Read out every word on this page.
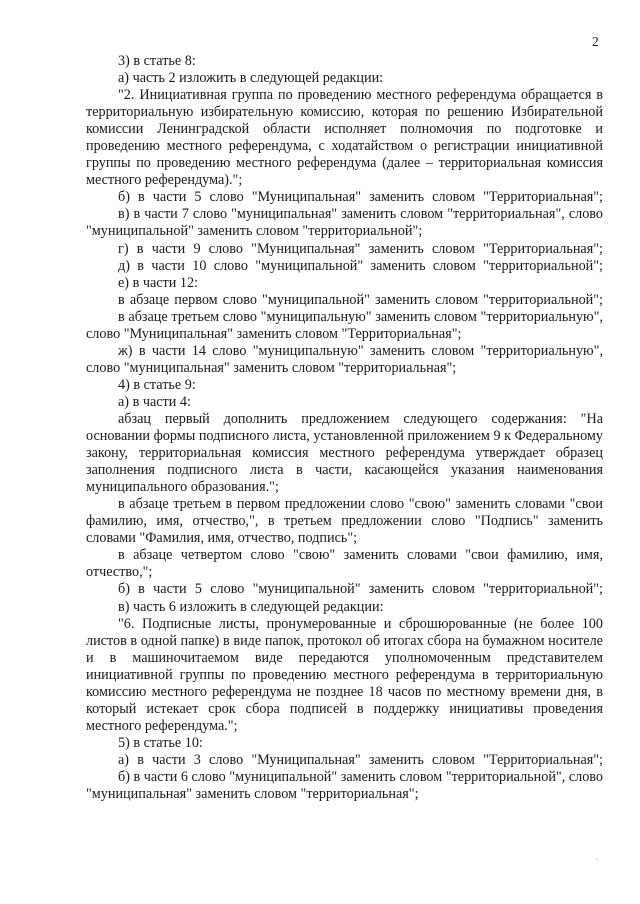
2

3) в статье 8:

а) часть 2 изложить в следующей редакции:

"2. Инициативная группа по проведению местного референдума обращается в территориальную избирательную комиссию, которая по решению Избирательной комиссии Ленинградской области исполняет полномочия по подготовке и проведению местного референдума, с ходатайством о регистрации инициативной группы по проведению местного референдума (далее – территориальная комиссия местного референдума).";

б) в части 5 слово "Муниципальная" заменить словом "Территориальная";

в) в части 7 слово "муниципальная" заменить словом "территориальная", слово "муниципальной" заменить словом "территориальной";

г) в части 9 слово "Муниципальная" заменить словом "Территориальная";

д) в части 10 слово "муниципальной" заменить словом "территориальной";

е) в части 12:

в абзаце первом слово "муниципальной" заменить словом "территориальной";

в абзаце третьем слово "муниципальную" заменить словом "территориальную", слово "Муниципальная" заменить словом "Территориальная";

ж) в части 14 слово "муниципальную" заменить словом "территориальную", слово "муниципальная" заменить словом "территориальная";

4) в статье 9:

а) в части 4:

абзац первый дополнить предложением следующего содержания: "На основании формы подписного листа, установленной приложением 9 к Федеральному закону, территориальная комиссия местного референдума утверждает образец заполнения подписного листа в части, касающейся указания наименования муниципального образования.";

в абзаце третьем в первом предложении слово "свою" заменить словами "свои фамилию, имя, отчество,", в третьем предложении слово "Подпись" заменить словами "Фамилия, имя, отчество, подпись";

в абзаце четвертом слово "свою" заменить словами "свои фамилию, имя, отчество,";

б) в части 5 слово "муниципальной" заменить словом "территориальной";

в) часть 6 изложить в следующей редакции:

"6. Подписные листы, пронумерованные и сброшюрованные (не более 100 листов в одной папке) в виде папок, протокол об итогах сбора на бумажном носителе и в машиночитаемом виде передаются уполномоченным представителем инициативной группы по проведению местного референдума в территориальную комиссию местного референдума не позднее 18 часов по местному времени дня, в который истекает срок сбора подписей в поддержку инициативы проведения местного референдума.";

5) в статье 10:

а) в части 3 слово "Муниципальная" заменить словом "Территориальная";

б) в части 6 слово "муниципальной" заменить словом "территориальной", слово "муниципальная" заменить словом "территориальная";
